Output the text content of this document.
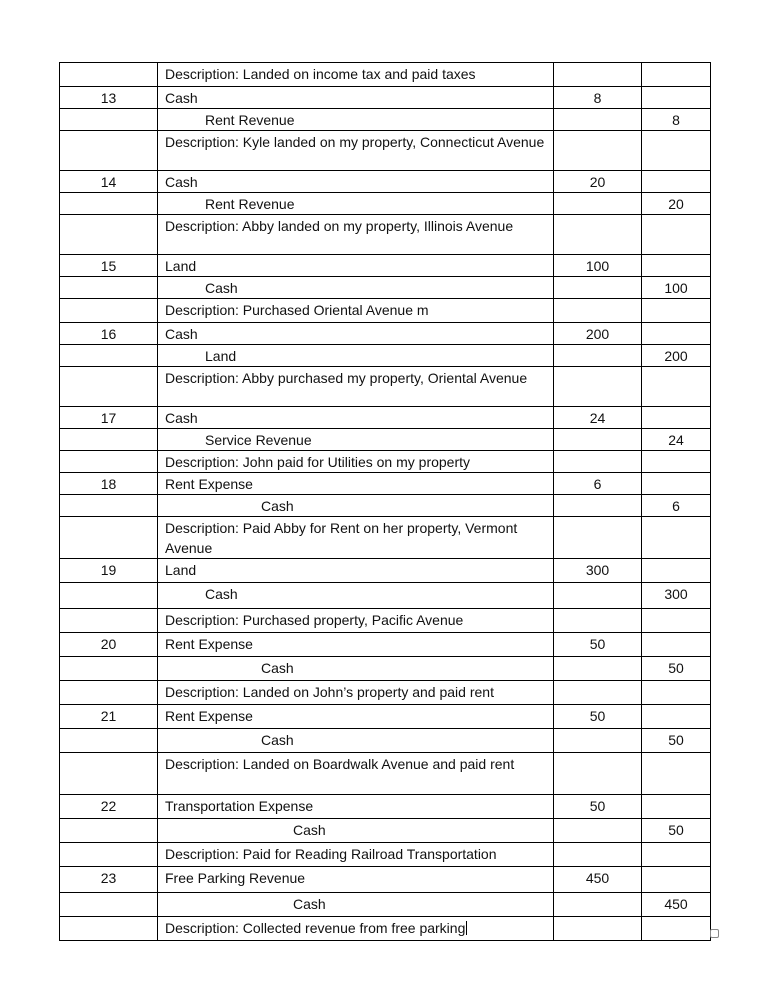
	Description: Landed on income tax and paid taxes		
13	Cash	8	
	Rent Revenue		8
	Description: Kyle landed on my property, Connecticut Avenue		
14	Cash	20	
	Rent Revenue		20
	Description: Abby landed on my property, Illinois Avenue		
15	Land	100	
	Cash		100
	Description: Purchased Oriental Avenue m		
16	Cash	200	
	Land		200
	Description: Abby purchased my property, Oriental Avenue		
17	Cash	24	
	Service Revenue		24
	Description: John paid for Utilities on my property		
18	Rent Expense	6	
	Cash		6
	Description: Paid Abby for Rent on her property, Vermont Avenue		
19	Land	300	
	Cash		300
	Description: Purchased property, Pacific Avenue		
20	Rent Expense	50	
	Cash		50
	Description: Landed on John’s property and paid rent		
21	Rent Expense	50	
	Cash		50
	Description: Landed on Boardwalk Avenue and paid rent		
22	Transportation Expense	50	
	Cash		50
	Description: Paid for Reading Railroad Transportation		
23	Free Parking Revenue	450	
	Cash		450
	Description: Collected revenue from free parking		
